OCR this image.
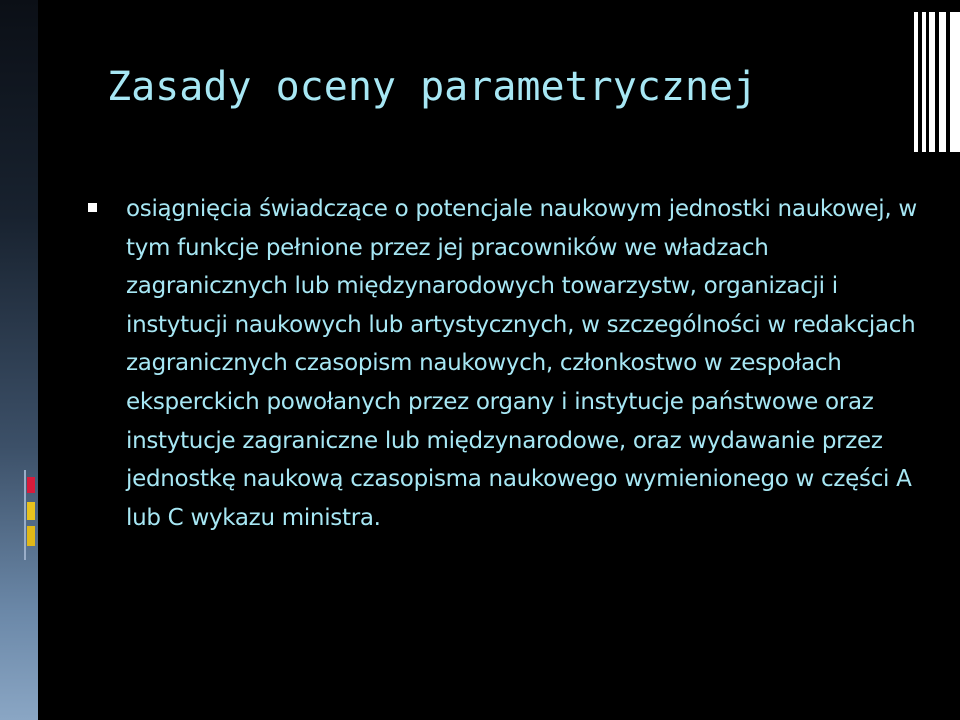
Zasady oceny parametrycznej
osiągnięcia świadczące o potencjale naukowym jednostki naukowej, w tym funkcje pełnione przez jej pracowników we władzach zagranicznych lub międzynarodowych towarzystw, organizacji i instytucji naukowych lub artystycznych, w szczególności w redakcjach zagranicznych czasopism naukowych, członkostwo w zespołach eksperckich powołanych przez organy i instytucje państwowe oraz instytucje zagraniczne lub międzynarodowe, oraz wydawanie przez jednostkę naukową czasopisma naukowego wymienionego w części A lub C wykazu ministra.
